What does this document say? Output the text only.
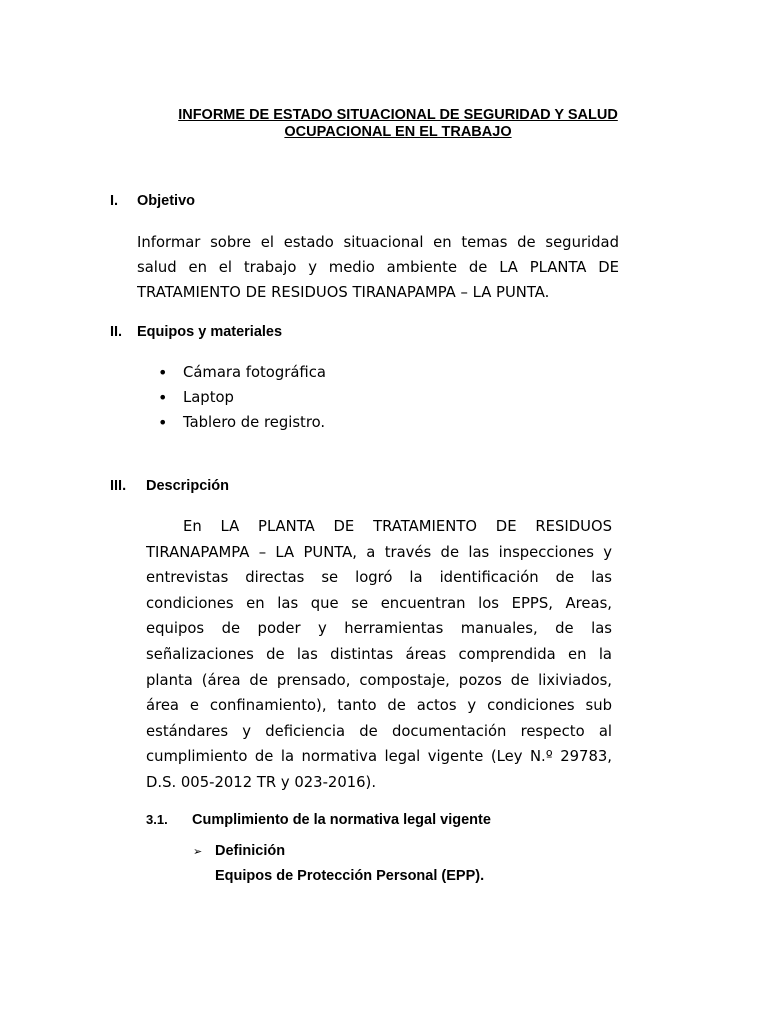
INFORME DE ESTADO SITUACIONAL DE SEGURIDAD Y SALUD
OCUPACIONAL EN EL TRABAJO
I. Objetivo
Informar sobre el estado situacional en temas de seguridad
salud en el trabajo y medio ambiente de LA PLANTA DE
TRATAMIENTO DE RESIDUOS TIRANAPAMPA – LA PUNTA.
II. Equipos y materiales
• Cámara fotográfica
• Laptop
• Tablero de registro.
III. Descripción
En LA PLANTA DE TRATAMIENTO DE RESIDUOS
TIRANAPAMPA – LA PUNTA, a través de las inspecciones y
entrevistas directas se logró la identificación de las
condiciones en las que se encuentran los EPPS, Areas,
equipos de poder y herramientas manuales, de las
señalizaciones de las distintas áreas comprendida en la
planta (área de prensado, compostaje, pozos de lixiviados,
área e confinamiento), tanto de actos y condiciones sub
estándares y deficiencia de documentación respecto al
cumplimiento de la normativa legal vigente (Ley N.º 29783,
D.S. 005-2012 TR y 023-2016).
3.1. Cumplimiento de la normativa legal vigente
➢ Definición
Equipos de Protección Personal (EPP).
